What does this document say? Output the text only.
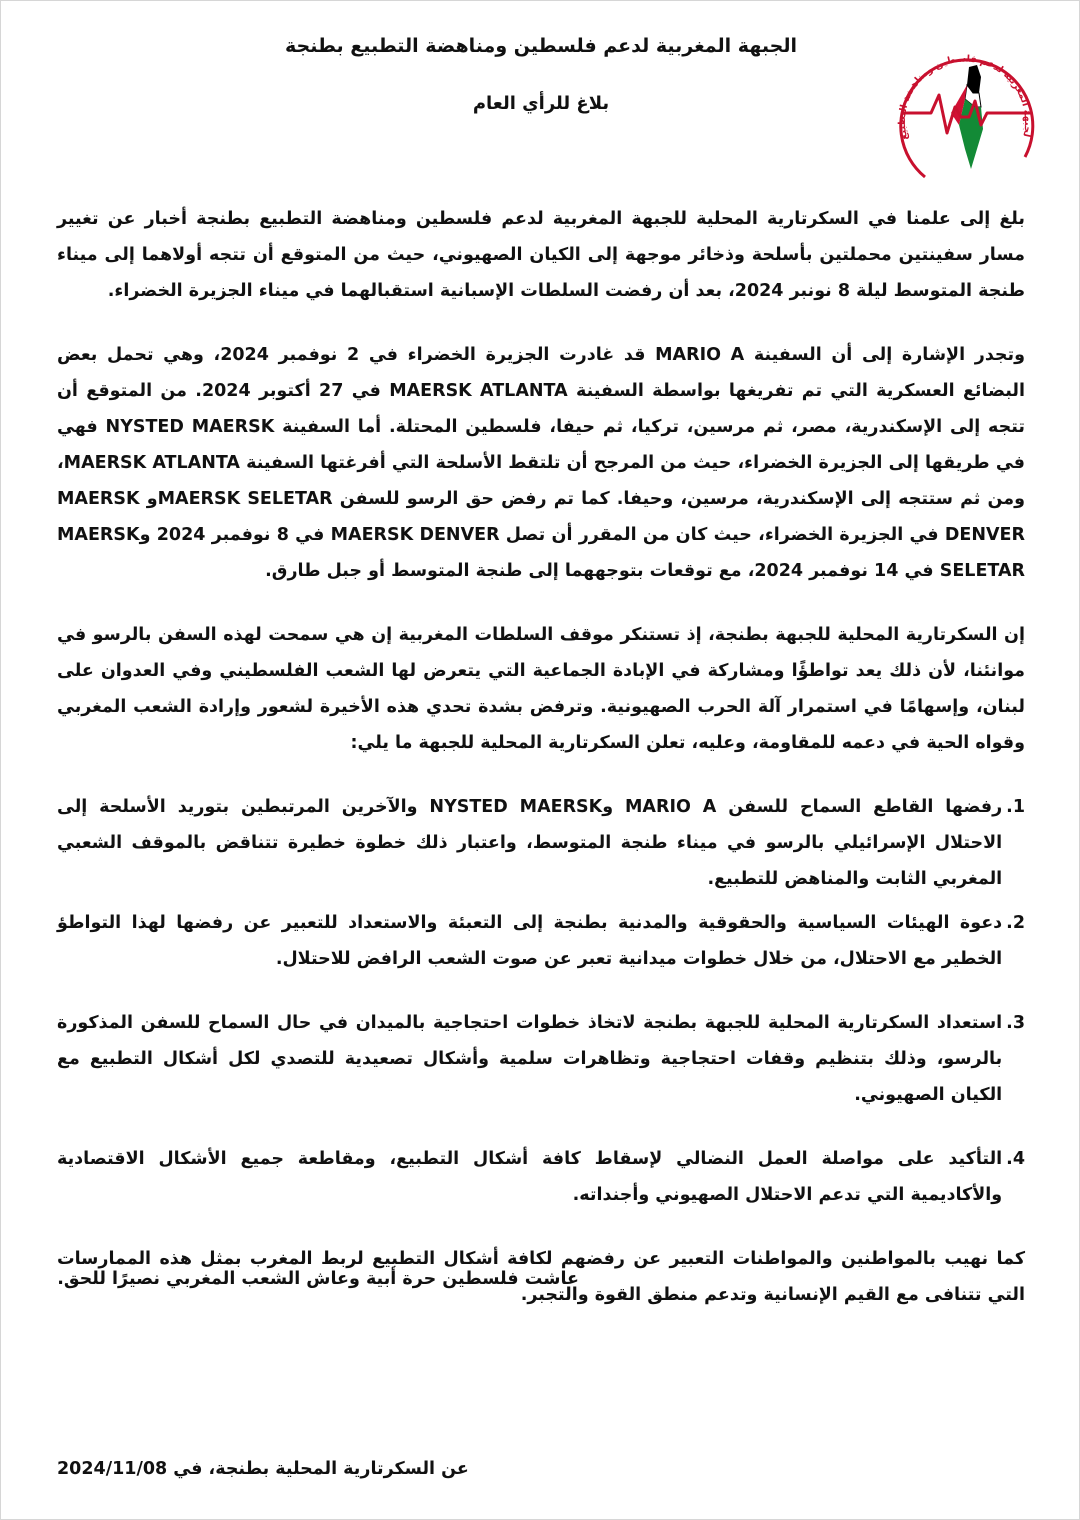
الجبهة المغربية لدعم فلسطين ومناهضة التطبيع بطنجة

بلاغ للرأي العام

لجبهة المغربية لدعم فلسطين ومناهضة التطبيع

بلغ إلى علمنا في السكرتارية المحلية للجبهة المغربية لدعم فلسطين ومناهضة التطبيع بطنجة أخبار عن تغيير مسار سفينتين محملتين بأسلحة وذخائر موجهة إلى الكيان الصهيوني، حيث من المتوقع أن تتجه أولاهما إلى ميناء طنجة المتوسط ليلة 8 نونبر 2024، بعد أن رفضت السلطات الإسبانية استقبالهما في ميناء الجزيرة الخضراء.

وتجدر الإشارة إلى أن السفينة MARIO A قد غادرت الجزيرة الخضراء في 2 نوفمبر 2024، وهي تحمل بعض البضائع العسكرية التي تم تفريغها بواسطة السفينة MAERSK ATLANTA في 27 أكتوبر 2024. من المتوقع أن تتجه إلى الإسكندرية، مصر، ثم مرسين، تركيا، ثم حيفا، فلسطين المحتلة. أما السفينة NYSTED MAERSK فهي في طريقها إلى الجزيرة الخضراء، حيث من المرجح أن تلتقط الأسلحة التي أفرغتها السفينة MAERSK ATLANTA، ومن ثم ستتجه إلى الإسكندرية، مرسين، وحيفا. كما تم رفض حق الرسو للسفن MAERSK SELETARو MAERSK DENVER في الجزيرة الخضراء، حيث كان من المقرر أن تصل MAERSK DENVER في 8 نوفمبر 2024 وMAERSK SELETAR في 14 نوفمبر 2024، مع توقعات بتوجههما إلى طنجة المتوسط أو جبل طارق.

إن السكرتارية المحلية للجبهة بطنجة، إذ تستنكر موقف السلطات المغربية إن هي سمحت لهذه السفن بالرسو في موانئنا، لأن ذلك يعد تواطؤًا ومشاركة في الإبادة الجماعية التي يتعرض لها الشعب الفلسطيني وفي العدوان على لبنان، وإسهامًا في استمرار آلة الحرب الصهيونية. وترفض بشدة تحدي هذه الأخيرة لشعور وإرادة الشعب المغربي وقواه الحية في دعمه للمقاومة، وعليه، تعلن السكرتارية المحلية للجبهة ما يلي:

1.
رفضها القاطع السماح للسفن MARIO A وNYSTED MAERSK والآخرين المرتبطين بتوريد الأسلحة إلى الاحتلال الإسرائيلي بالرسو في ميناء طنجة المتوسط، واعتبار ذلك خطوة خطيرة تتناقض بالموقف الشعبي المغربي الثابت والمناهض للتطبيع.
2.
دعوة الهيئات السياسية والحقوقية والمدنية بطنجة إلى التعبئة والاستعداد للتعبير عن رفضها لهذا التواطؤ الخطير مع الاحتلال، من خلال خطوات ميدانية تعبر عن صوت الشعب الرافض للاحتلال.
3.
استعداد السكرتارية المحلية للجبهة بطنجة لاتخاذ خطوات احتجاجية بالميدان في حال السماح للسفن المذكورة بالرسو، وذلك بتنظيم وقفات احتجاجية وتظاهرات سلمية وأشكال تصعيدية للتصدي لكل أشكال التطبيع مع الكيان الصهيوني.
4.
التأكيد على مواصلة العمل النضالي لإسقاط كافة أشكال التطبيع، ومقاطعة جميع الأشكال الاقتصادية والأكاديمية التي تدعم الاحتلال الصهيوني وأجنداته.

كما نهيب بالمواطنين والمواطنات التعبير عن رفضهم لكافة أشكال التطبيع لربط المغرب بمثل هذه الممارسات التي تتنافى مع القيم الإنسانية وتدعم منطق القوة والتجبر.

عاشت فلسطين حرة أبية وعاش الشعب المغربي نصيرًا للحق.

عن السكرتارية المحلية بطنجة، في 2024/11/08
